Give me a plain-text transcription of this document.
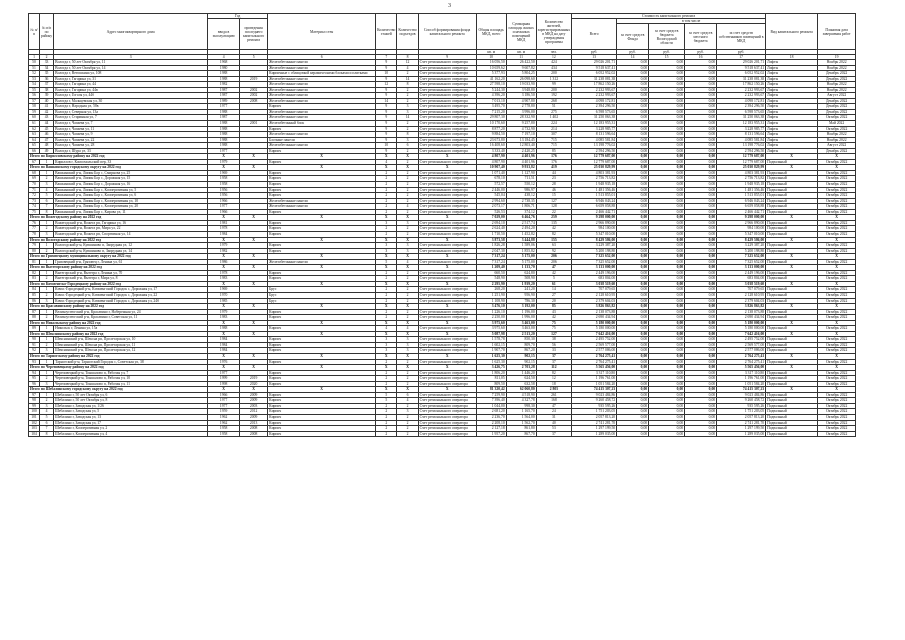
3
№ п/п	№ п/п по району	Адрес многоквартирного дома	Год		Материал стен	Количество этажей	Количество подъездов	Способ формирования фонда капитального ремонта	Общая площадь МКД, всего	Суммарная площадь жилых и нежилых помещений МКД	Количество жителей, зарегистрированных в МКД на дату утверждения программы	Стоимость капитального ремонта					Вид капитального ремонта	Плановая дата завершения работ
			ввода в эксплуатацию	проведения последнего капитального ремонта								Всего	в том числе					
													за счет средств Фонда	за счет средств бюджета Вологодской области	за счет средств местного бюджета	за счет средств собственников помещений в МКД		
									кв. м	кв. м	чел.	руб.	руб.	руб.	руб.	руб.		
1	2	3	4	5	6	7	8	9	10	11	12	13	14	15	16	17	18	19
50	33	Вологда г, 50 лет Октября ул, 11	1968		Железобетонные панели	9	12	Счет регионального оператора	16 056,50	26 422,50	424	29 026 201,71	0,00	0,00	0,00	29 026 201,71	Лифты	Ноябрь 2022
51	34	Вологда г, 50 лет Октября ул, 14	1980		Железобетонные панели	9	4	Счет регионального оператора	10 659,62	9 607,82	434	9 518 637,41	0,00	0,00	0,00	9 518 637,41	Лифты	Ноябрь 2022
52	35	Вологда г, Ветошкина ул, 108	1988		Кирпичные с облицовкой керамическими блоками и плитками	10	2	Счет регионального оператора	5 377,93	5 804,25	200	6 052 952,02	0,00	0,00	0,00	6 052 952,02	Лифты	Декабрь 2022
53	36	Вологда г, Гагарина ул, 31	1988	2019	Железобетонные панели	9	14	Счет регионального оператора	41 162,20	26 098,60	1 312	31 238 081,38	0,00	0,00	0,00	31 238 081,38	Лифты	Декабрь 2022
54	37	Вологда г, Гагарина ул, 44	1982		Железобетонные панели	12	8	Счет регионального оператора	27 598,10	19 033,90	99	17 862 150,26	0,00	0,00	0,00	17 862 150,26	Лифты	Ноябрь 2022
55	38	Вологда г, Гагарина ул, 44в	1987	2002	Железобетонные панели	9	2	Счет регионального оператора	5 244,30	3 948,80	200	2 232 993,67	0,00	0,00	0,00	2 232 993,67	Лифты	Ноябрь 2022
56	39	Вологда г, Гоголя ул, 44б	1987	2002	Железобетонные панели	9	2	Счет регионального оператора	4 396,20	3 186,50	192	2 232 993,67	0,00	0,00	0,00	2 232 993,67	Лифты	Август 2022
57	40	Вологда г, Мальцевская ул, 30	1989	2008	Железобетонные панели	14	2	Счет регионального оператора	7 013,10	4 907,80	268	4 098 172,81	0,00	0,00	0,00	4 098 172,81	Лифты	Декабрь 2022
58	41	Вологда г, Народная ул, 58в	1977		Кирпич	9	3	Счет регионального оператора	3 495,70	2 778,80	51	2 394 296,50	0,00	0,00	0,00	2 394 296,50	Лифты	Декабрь 2022
59	42	Вологда г, Северная ул, 13а	1988		Железобетонные панели	9	3	Счет регионального оператора	7 215,20	3 996,00	275	6 598 573,65	0,00	0,00	0,00	6 598 573,65	Лифты	Декабрь 2022
60	43	Вологда г, Старинная ул, 7	1987		Железобетонные панели	9	14	Счет регионального оператора	29 807,30	28 332,90	1 402	31 250 063,38	0,00	0,00	0,00	31 250 063,38	Лифты	Октябрь 2022
61	44	Вологда г, Чапаева ул, 7	1988	2001	Железобетонный блок	9	2	Счет регионального оператора	10 170,60	9 257,80	224	12 183 955,31	0,00	0,00	0,00	12 183 955,31	Лифты	Май 2022
62	45	Вологда г, Чапаева ул, 11	1988		Кирпич	9	2	Счет регионального оператора	8 877,20	4 732,90	214	3 228 985,77	0,00	0,00	0,00	3 228 985,77	Лифты	Октябрь 2022
63	46	Вологда г, Чапаева ул, 9	1988		Железобетонные панели	9	8	Счет регионального оператора	9 884,50	7 197,10	307	8 131 596,64	0,00	0,00	0,00	8 131 596,64	Лифты	Ноябрь 2022
64	47	Вологда г, Чапаева ул, 22	1988		Блочные панели	9	3	Счет регионального оператора	23 673,80	13 184,45	715	4 085 581,84	0,00	0,00	0,00	4 085 581,84	Лифты	Ноябрь 2022
65	48	Вологда г, Чапаева ул, 28	1988		Железобетонные панели	10	6	Счет регионального оператора	16 408,60	12 803,40	715	13 198 776,02	0,00	0,00	0,00	13 198 776,02	Лифты	Август 2022
66	49	Вологда г, Шура ул, 33	1977		Кирпич	9	2	Счет регионального оператора	3 333,40	2 420,25	85	2 594 296,50	0,00	0,00	0,00	2 594 296,50	Лифты	Декабрь 2022
Итого по Кирилловскому району на 2022 год			X	X	X	X	X	X	4 807,90	4 401,96	176	12 779 687,00	0,00	0,00	0,00	12 779 687,00	X	X
67	1	Кириллов г, Комсомольский пер, 33	1979		Кирпич	4	2	Счет регионального оператора	4 807,90	4 401,96	176	12 779 687,00	0,00	0,00	0,00	12 779 687,00	Подвальный	Октябрь 2022
Итого по Вашкинскому городскому округу на 2022 год			X	X	X	X	X	X	10 907,40	9 933,82	419	25 030 829,99	0,00	0,00	0,00	25 030 829,99	X	X
68	1	Вашкинский р-н, Липин Бор с, Смирнова ул, 25	1969		Кирпич	2	2	Счет регионального оператора	1 071,40	1 127,90	44	4 803 381,93	0,00	0,00	0,00	4 803 381,93	Подвальный	Октябрь 2022
69	2	Вашкинский р-н, Липин Бор с, Дорожная ул, 15	1958		Кирпич	2	2	Счет регионального оператора	678,10	711,51	23	2 756 713,82	0,00	0,00	0,00	2 756 713,82	Подвальный	Октябрь 2022
70	3	Вашкинский р-н, Липин Бор с, Дорожная ул, 16	1958		Кирпич	2	2	Счет регионального оператора	572,57	550,12	28	1 948 935,18	0,00	0,00	0,00	1 948 935,18	Подвальный	Октябрь 2022
71	4	Вашкинский р-н, Липин Бор с, Кооперативная ул, 5	1956		Кирпич	2	2	Счет регионального оператора	2 446,00	986,97	46	1 481 356,46	0,00	0,00	0,00	1 481 356,46	Подвальный	Октябрь 2022
72	5	Вашкинский р-н, Липин Бор с, Кооперативная ул, 6	1956		Кирпич	2	2	Счет регионального оператора	545,04	438,12	15	1 513 855,01	0,00	0,00	0,00	1 513 855,01	Подвальный	Октябрь 2022
73	6	Вашкинский р-н, Липин Бор с, Кооперативная ул, 10	1966		Железобетонные панели	2	2	Счет регионального оператора	2 994,60	2 738,35	127	6 946 043,24	0,00	0,00	0,00	6 946 043,24	Подвальный	Октябрь 2022
74	7	Вашкинский р-н, Липин Бор с, Кооперативная ул, 20	1977		Железобетонные панели	2	4	Счет регионального оператора	2 073,17	1 806,71	128	6 659 058,88	0,00	0,00	0,00	6 659 058,88	Подвальный	Октябрь 2022
75	8	Вашкинский р-н, Липин Бор с, Кирова ул, 11	1966		Кирпич	2	2	Счет регионального оператора	526,53	374,12	22	2 466 442,71	0,00	0,00	0,00	2 466 442,71	Подвальный	Октябрь 2022
Итого по Вожегодскому району на 2022 год			X	X	X	X	X	X	7 029,00	6 464,76	259	9 298 000,00	0,00	0,00	0,00	9 298 000,00	X	X
76	1	Вожегодский р-н, Вожега рп, Гагарина ул, 16	1981		Кирпич	3	3	Счет регионального оператора	2 694,10	2 517,74	135	2 966 890,00	0,00	0,00	0,00	2 966 890,00	Подвальный	Октябрь 2022
77	2	Вожегодский р-н, Вожега рп, Мира ул, 22	1978		Кирпич	2	2	Счет регионального оператора	2 624,40	2 494,20	42	984 100,00	0,00	0,00	0,00	984 100,00	Подвальный	Октябрь 2022
78	3	Вожегодский р-н, Вожега рп, Спортивная ул, 14	1984		Кирпич	2	2	Счет регионального оператора	1 710,50	1 452,82	82	5 347 010,00	0,00	0,00	0,00	5 347 010,00	Подвальный	Октябрь 2022
Итого по Вологодскому району на 2022 год			X	X	X	X	X	X	3 873,58	3 444,88	155	8 429 586,00	0,00	0,00	0,00	8 429 586,00	X	X
79	1	Вологодский р-н, Кувшиново п, Запрудная ул, 12	1979		Кирпич	3	3	Счет регионального оператора	1 826,28	1 589,06	63	3 229 387,20	0,00	0,00	0,00	3 229 387,20	Подвальный	Октябрь 2022
80	2	Вологодский р-н, Кувшиново п, Запрудная ул, 14	1982		Кирпич	3	3	Счет регионального оператора	2 047,30	1 855,82	92	5 200 198,80	0,00	0,00	0,00	5 200 198,80	Подвальный	Октябрь 2022
Итого по Грязовецкому муниципальному округу на 2022 год			X	X	X	X	X	X	7 317,24	5 175,00	206	7 325 652,00	0,00	0,00	0,00	7 325 652,00	X	X
81	1	Грязовецкий р-н, Грязовец г, Ленина ул, 61	1986		Железобетонные панели	5	4	Счет регионального оператора	7 317,24	5 175,00	206	7 325 652,00	0,00	0,00	0,00	7 325 652,00	Подвальный	Октябрь 2022
Итого по Вытегорскому району на 2022 год			X	X	X	X	X	X	1 209,40	1 133,70	47	3 133 000,00	0,00	0,00	0,00	3 133 000,00	X	X
82	1	Вытегорский р-н, Вытегра г, Ленина ул, 70	1978		Кирпич	2	2	Счет регионального оператора	660,50	624,80	42	2 449 196,00	0,00	0,00	0,00	2 449 196,00	Подвальный	Октябрь 2022
83	2	Вытегорский р-н, Вытегра г, Мира ул, 8	1983		Кирпич	2	2	Счет регионального оператора	548,90	508,90	5	683 804,00	0,00	0,00	0,00	683 804,00	Подвальный	Октябрь 2022
Итого по Кичменгско-Городецкому району на 2022 год			X	X	X	X	X	X	2 295,90	1 939,20	61	3 038 519,60	0,00	0,00	0,00	3 038 519,60	X	X
84	1	Кичм.-Городецкий р-н, Кичменгский Городок с, Дорожная ул, 17	1969		Брус	2	2	Счет регионального оператора	268,20	241,20	14	707 079,65	0,00	0,00	0,00	707 079,65	Подвальный	Октябрь 2022
85	2	Кичм.-Городецкий р-н, Кичменгский Городок с, Дорожная ул, 22	1970		Брус	2	2	Счет регионального оператора	1 251,90	956,90	27	2 128 610,95	0,00	0,00	0,00	2 128 610,95	Подвальный	Октябрь 2022
86	3	Кичм.-Городецкий р-н, Кичменгский Городок с, Дорожная ул, 24б	1985		Брус	2	2	Счет регионального оператора	1 108,90	786,30	20	2 379 604,03	0,00	0,00	0,00	2 379 604,03	Подвальный	Октябрь 2022
Итого по Красавинскому району на 2022 год			X	X	X	X	X	X	3 476,10	3 192,00	85	3 826 863,82	0,00	0,00	0,00	3 826 863,82	X	X
87	1	Великоустюгский р-н, Красавино г, Набережная ул, 24	1979		Кирпич	2	2	Счет регионального оператора	1 226,10	1 196,00	43	2 138 073,88	0,00	0,00	0,00	2 138 073,88	Подвальный	Октябрь 2022
88	2	Великоустюгский р-н, Красавино г, Советская ул, 11	1983		Кирпич	2	2	Счет регионального оператора	2 250,00	1 996,00	42	2 690 434,94	0,00	0,00	0,00	2 690 434,94	Подвальный	Октябрь 2022
Итого по Никольскому району на 2022 год			X	X	X	X	X	X	3 975,60	3 463,00	75	5 180 000,00	0,00	0,00	0,00	5 180 000,00	X	X
89	1	Никольск г, Ленина ул, 15а	1988		Кирпич	4	4	Счет регионального оператора	3 975,60	3 463,00	75	5 180 000,00	0,00	0,00	0,00	5 180 000,00	Подвальный	Октябрь 2022
Итого по Шекснинскому району на 2022 год			X	X	X	X	X	X	5 087,98	2 513,20	127	7 642 416,00	0,00	0,00	0,00	7 642 416,00	X	X
90	1	Шекснинский р-н, Шексна рп, Пролетарская ул, 10	1984		Кирпич	3	3	Счет регионального оператора	1 578,78	850,30	38	2 495 752,00	0,00	0,00	0,00	2 495 752,00	Подвальный	Октябрь 2022
91	2	Шекснинский р-н, Шексна рп, Пролетарская ул, 11	1984		Кирпич	3	3	Счет регионального оператора	1 602,15	809,70	56	2 569 577,00	0,00	0,00	0,00	2 569 577,00	Подвальный	Октябрь 2022
92	3	Шекснинский р-н, Шексна рп, Пролетарская ул, 12	1984		Кирпич	3	3	Счет регионального оператора	1 907,70	867,20	33	2 577 086,00	0,00	0,00	0,00	2 577 086,00	Подвальный	Октябрь 2022
Итого по Тарногскому району на 2022 год			X	X	X	X	X	X	1 625,30	902,15	37	2 764 275,41	0,00	0,00	0,00	2 764 275,41	X	X
93	1	Тарногский р-н, Тарногский Городок с, Советская ул, 38	1976		Кирпич	2	2	Счет регионального оператора	1 625,30	902,15	37	2 764 275,41	0,00	0,00	0,00	2 764 275,41	Подвальный	Октябрь 2022
Итого по Череповецкому району на 2022 год			X	X	X	X	X	X	3 426,75	2 703,28	112	5 565 456,00	0,00	0,00	0,00	5 565 456,00	X	X
94	1	Череповецкий р-н, Тоншалово п, Рабочая ул, 7	1977		Кирпич	2	2	Счет регионального оператора	1 806,20	1 446,20	82	3 317 110,80	0,00	0,00	0,00	3 317 110,80	Подвальный	Октябрь 2022
95	2	Череповецкий р-н, Тоншалово п, Рабочая ул, 10	1999	2019	Кирпич	2	2	Счет регионального оператора	811,05	624,50	12	1 196 761,00	0,00	0,00	0,00	1 196 761,00	Подвальный	Октябрь 2022
96	3	Череповецкий р-н, Тоншалово п, Рабочая ул, 11	1998	2020	Кирпич	2	2	Счет регионального оператора	809,50	632,58	18	1 051 584,20	0,00	0,00	0,00	1 051 584,20	Подвальный	Октябрь 2022
Итого по Шебалинскому городскому округу на 2022 год			X	X	X	X	X	X	81 320,42	62 060,80	2 805	74 415 307,23	0,00	0,00	0,00	74 415 307,23	X	X
97	1	Шебалино г, 50 лет Октября ул, 6	1966	2009	Кирпич	5	6	Счет регионального оператора	7 259,90	4 518,90	261	9 023 484,86	0,00	0,00	0,00	9 023 484,86	Подвальный	Октябрь 2022
98	2	Шебалино г, 50 лет Октября ул, 8	1977	2009	Кирпич	5	4	Счет регионального оператора	7 396,40	4 327,78	168	9 260 458,72	0,00	0,00	0,00	9 260 458,72	Подвальный	Октябрь 2022
99	3	Шебалино г, Заводская ул, 1/26	1977	2003	Кирпич	2	2	Счет регионального оператора	1 044,00	998,30	47	935 595,26	0,00	0,00	0,00	935 595,26	Подвальный	Октябрь 2022
100	4	Шебалино г, Заводская ул, 5	1959	2012	Кирпич	2	3	Счет регионального оператора	2 681,20	1 165,70	24	1 751 203,05	0,00	0,00	0,00	1 751 203,05	Подвальный	Октябрь 2022
101	5	Шебалино г, Заводская ул, 13	1962	2009	Кирпич	2	2	Счет регионального оператора	2 236,70	1 564,00	31	2 057 813,20	0,00	0,00	0,00	2 057 813,20	Подвальный	Октябрь 2022
102	6	Шебалино г, Заводская ул, 17	1962	2013	Кирпич	2	2	Счет регионального оператора	2 208,10	1 562,70	40	2 741 281,70	0,00	0,00	0,00	2 741 281,70	Подвальный	Октябрь 2022
103	7	Шебалино г, Кооперативная ул, 2	1958	2008	Кирпич	2	2	Счет регионального оператора	2 127,18	861,80	53	1 297 199,50	0,00	0,00	0,00	1 297 199,50	Подвальный	Октябрь 2022
104	8	Шебалино г, Кооперативная ул, 4	1958	2008	Кирпич	2	2	Счет регионального оператора	1 957,20	867,70	37	1 289 035,00	0,00	0,00	0,00	1 289 035,00	Подвальный	Октябрь 2022
